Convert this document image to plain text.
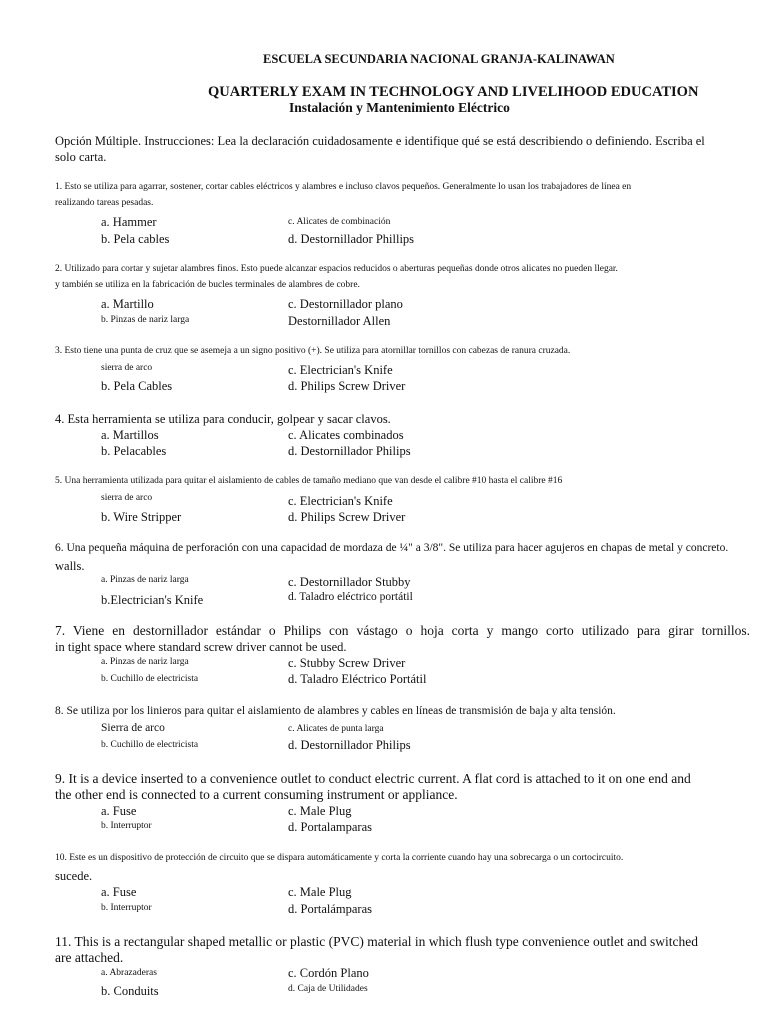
ESCUELA SECUNDARIA NACIONAL GRANJA-KALINAWAN
QUARTERLY EXAM IN TECHNOLOGY AND LIVELIHOOD EDUCATION
Instalación y Mantenimiento Eléctrico
Opción Múltiple. Instrucciones: Lea la declaración cuidadosamente e identifique qué se está describiendo o definiendo. Escriba el
solo carta.
1. Esto se utiliza para agarrar, sostener, cortar cables eléctricos y alambres e incluso clavos pequeños. Generalmente lo usan los trabajadores de línea en
realizando tareas pesadas.
a. Hammer	c. Alicates de combinación
b. Pela cables	d. Destornillador Phillips
2. Utilizado para cortar y sujetar alambres finos. Esto puede alcanzar espacios reducidos o aberturas pequeñas donde otros alicates no pueden llegar.
y también se utiliza en la fabricación de bucles terminales de alambres de cobre.
a. Martillo	c. Destornillador plano
b. Pinzas de nariz larga	Destornillador Allen
3. Esto tiene una punta de cruz que se asemeja a un signo positivo (+). Se utiliza para atornillar tornillos con cabezas de ranura cruzada.
sierra de arco	c. Electrician's Knife
b. Pela Cables	d. Philips Screw Driver
4. Esta herramienta se utiliza para conducir, golpear y sacar clavos.
a. Martillos	c. Alicates combinados
b. Pelacables	d. Destornillador Philips
5. Una herramienta utilizada para quitar el aislamiento de cables de tamaño mediano que van desde el calibre #10 hasta el calibre #16
sierra de arco	c. Electrician's Knife
b. Wire Stripper	d. Philips Screw Driver
6. Una pequeña máquina de perforación con una capacidad de mordaza de ¼" a 3/8". Se utiliza para hacer agujeros en chapas de metal y concreto.
walls.
a. Pinzas de nariz larga	c. Destornillador Stubby
b.Electrician's Knife	d. Taladro eléctrico portátil
7. Viene en destornillador estándar o Philips con vástago o hoja corta y mango corto utilizado para girar tornillos.
in tight space where standard screw driver cannot be used.
a. Pinzas de nariz larga	c. Stubby Screw Driver
b. Cuchillo de electricista	d. Taladro Eléctrico Portátil
8. Se utiliza por los linieros para quitar el aislamiento de alambres y cables en líneas de transmisión de baja y alta tensión.
Sierra de arco	c. Alicates de punta larga
b. Cuchillo de electricista	d. Destornillador Philips
9. It is a device inserted to a convenience outlet to conduct electric current. A flat cord is attached to it on one end and
the other end is connected to a current consuming instrument or appliance.
a. Fuse	c. Male Plug
b. Interruptor	d. Portalamparas
10. Este es un dispositivo de protección de circuito que se dispara automáticamente y corta la corriente cuando hay una sobrecarga o un cortocircuito.
sucede.
a. Fuse	c. Male Plug
b. Interruptor	d. Portalámparas
11. This is a rectangular shaped metallic or plastic (PVC) material in which flush type convenience outlet and switched
are attached.
a. Abrazaderas	c. Cordón Plano
b. Conduits	d. Caja de Utilidades
